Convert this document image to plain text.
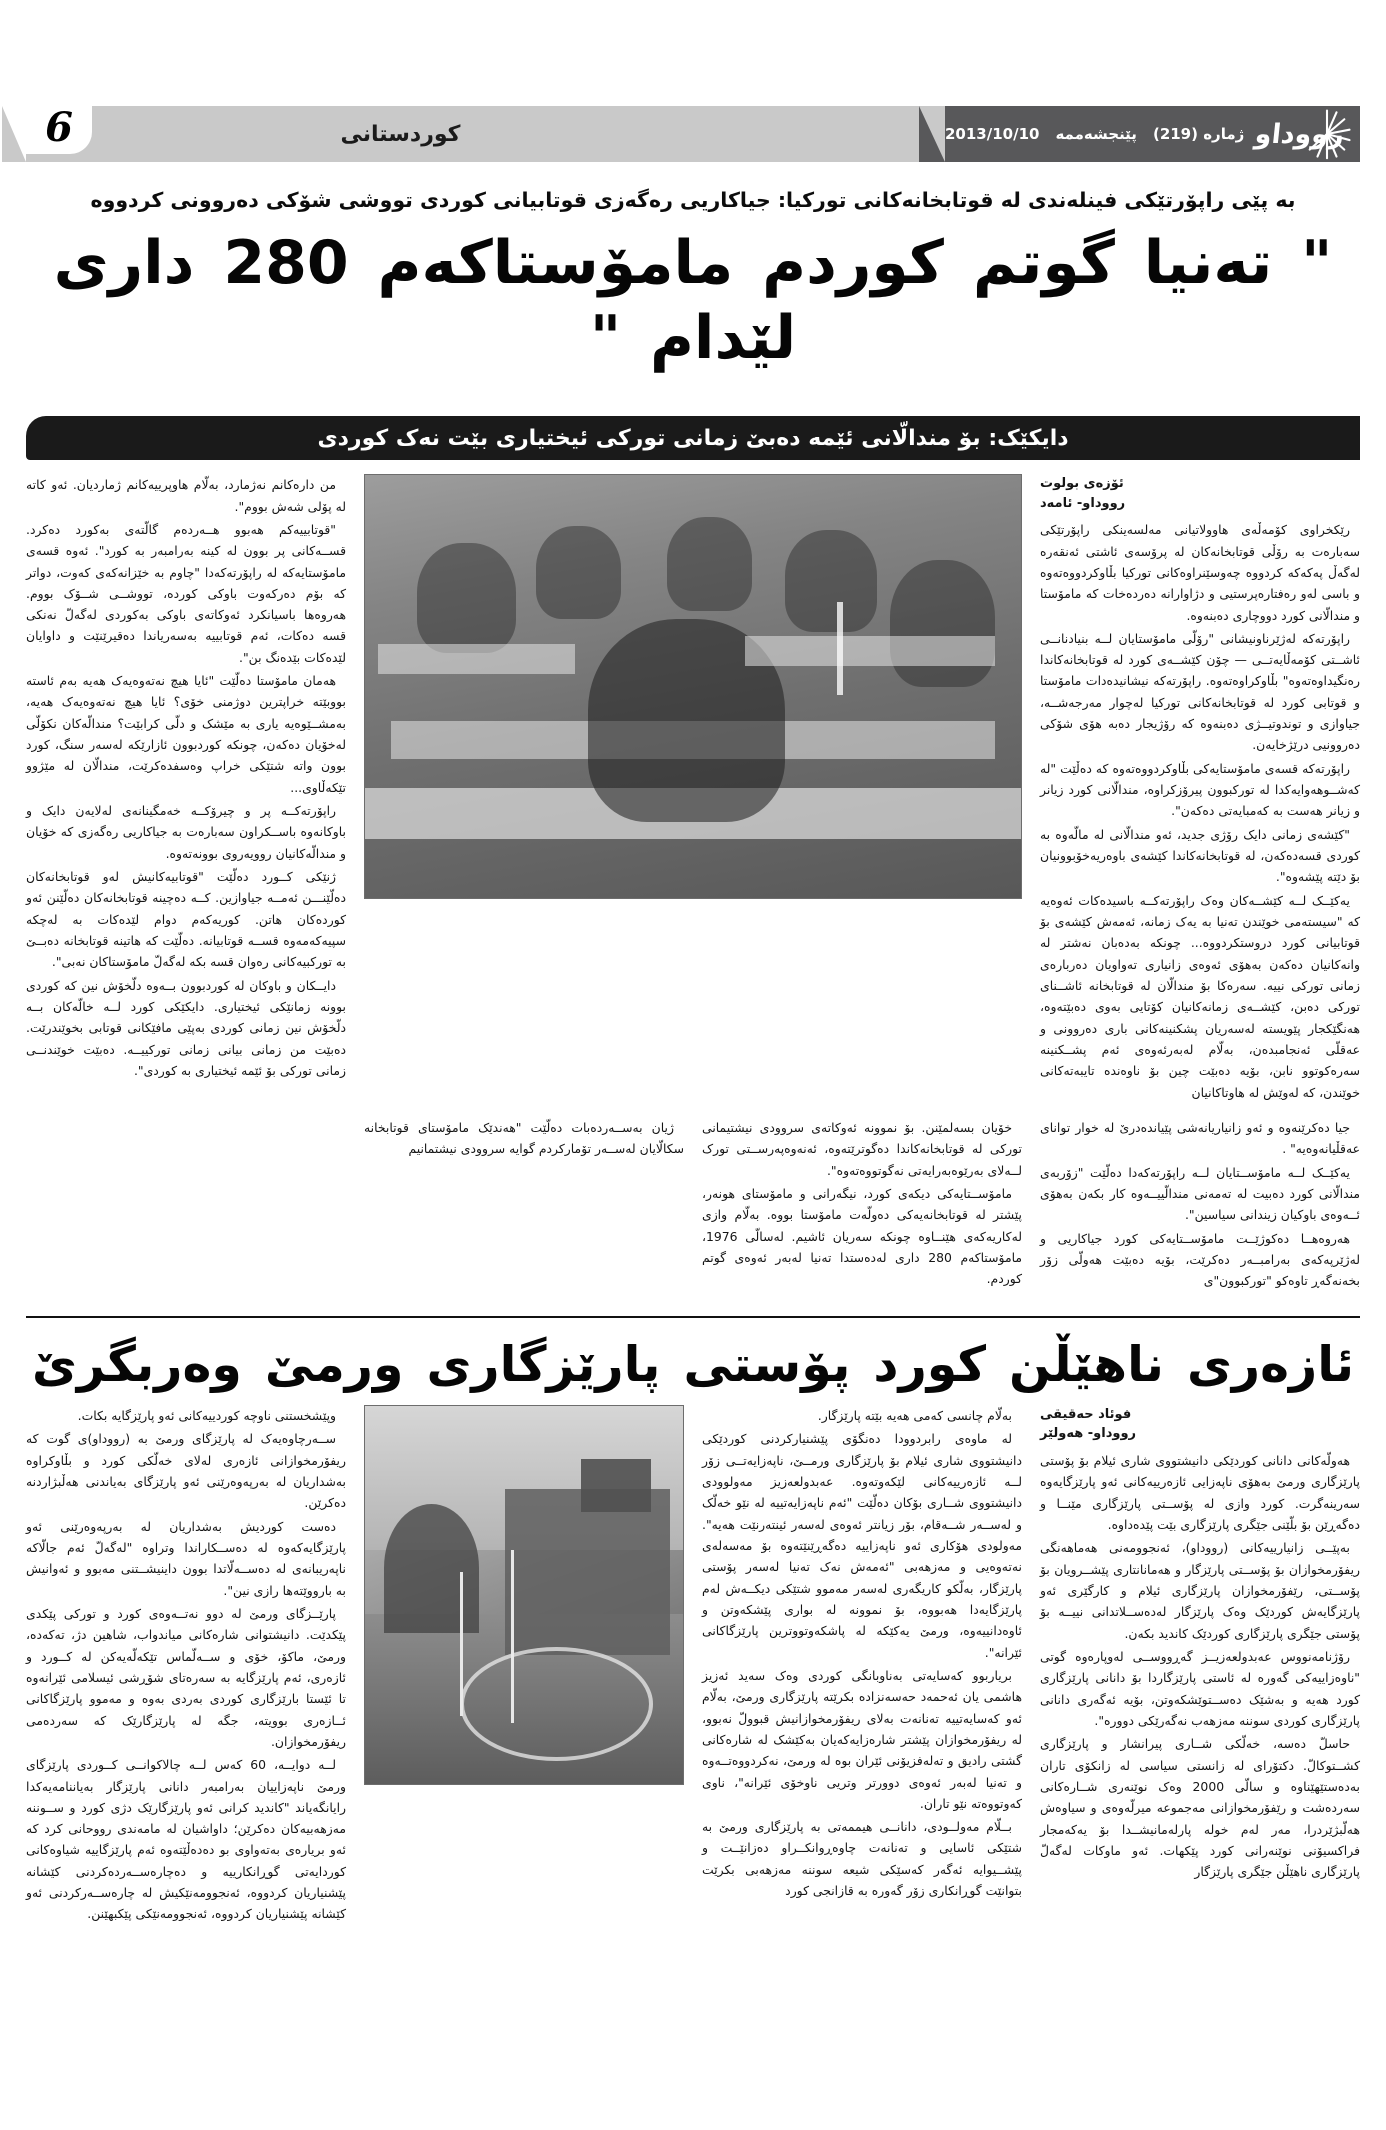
رووداو
ژمارە (219)
پێنجشەممە
2013/10/10
کوردستانی
6
بە پێی راپۆرتێکی فینلەندی لە قوتابخانەکانی تورکیا: جیاکاریی رەگەزی قوتابیانی کوردی تووشی شۆکی دەروونی کردووە
" تەنیا گوتم کوردم مامۆستاکەم 280 داری لێدام "
دایکێک: بۆ مندالّانی ئێمە دەبێ زمانی تورکی ئیختیاری بێت نەک کوردی
ئۆزەی بولوت
رووداو- ئامەد

رێکخراوی کۆمەڵەی هاوولاتیانی مەلسەینکی راپۆرتێکی سەبارەت بە رۆڵی قوتابخانەکان لە پرۆسەی ئاشتی ئەنقەرە لەگەڵ پەکەکە کردووە چەوسێنراوەکانی تورکیا بڵاوکردووەتەوە و باسی لەو رەفتارەپرستیی و دژاوارانە دەردەخات کە مامۆستا و مندالّانی کورد دووچاری دەبنەوە.

راپۆرتەکە لەژێرناونیشانی "رۆلّی مامۆستایان لــە بنیادنانــی ئاشــتی کۆمەڵایەتــی — چۆن کێشــەی کورد لە قوتابخانەکاندا رەنگیداوەتەوە" بڵاوکراوەتەوە. راپۆرتەکە نیشانیدەدات مامۆستا و قوتابی کورد لە قوتابخانەکانی تورکیا لەچوار مەرجەشــە، جیاوازی و توندوتیــژی دەبنەوە کە رۆژیجار دەبە هۆی شۆکی دەروونیی درێژخایەن.

راپۆرتەکە قسەی مامۆستایەکی بڵاوکردووەتەوە کە دەڵێت "لە کەشــوهەوایەکدا لە تورکبوون پیرۆزکراوە، مندالّانی کورد زیانر و زیانر هەست بە کەمبایەتی دەکەن".

"کێشەی زمانی دایک رۆژی جدید، ئەو مندالّانی لە مالّەوە بە کوردی قسەدەکەن، لە قوتابخانەکاندا کێشەی باوەریەخۆبوونیان بۆ دێتە پێشەوە".

یەکێــک لــە کێشــەکان وەک راپۆرتەکــە باسیدەکات ئەوەیە کە "سیستەمی خوێندن تەنیا بە یەک زمانە، ئەمەش کێشەی بۆ قوتابیانی کورد دروستکردووە... چونکە بەدەبان نەشتر لە وانەکانیان دەکەن بەهۆی ئەوەی زانیاری تەواویان دەربارەی زمانی تورکی نییە. سەرەکا بۆ مندالّان لە قوتابخانە ئاشــنای تورکی دەبن، کێشــەی زمانەکانیان کۆتایی بەوی دەبێتەوە، هەنگێکجار پێویستە لەسەریان پشکنینەکانی باری دەروونی و عەقلّی ئەنجامبدەن، بەلّام لەبەرئەوەی ئەم پشــکنینە سەرەکوتوو نابن، بۆیە دەبێت چین بۆ ناوەندە تایبەتەکانی خوێندن، کە لەوێش لە هاوتاکانیان

من دارەکانم نەژمارد، بەلّام هاوپرییەکانم ژماردیان. ئەو کاتە لە پۆلی شەش بووم".

"قوتابییەکم هەبوو هــەردەم گالّتەی بەکورد دەکرد. قســەکانی پر بوون لە کینە بەرامبەر بە کورد". ئەوە قسەی مامۆستایەکە لە راپۆرتەکەدا "چاوم بە خێزانەکەی کەوت، دواتر کە بۆم دەرکەوت باوکی کوردە، تووشــی شــۆک بووم. هەروەها باسیانکرد ئەوکاتەی باوکی بەکوردی لەگەلّ نەنکی قسە دەکات، ئەم قوتابییە بەسەریاندا دەقیرێنێت و داوایان لێدەکات بێدەنگ بن".

هەمان مامۆستا دەلّێت "ئایا هیچ نەتەوەیەک هەیە بەم ئاستە بووبێتە خراپترین دوژمنی خۆی؟ ئایا هیچ نەتەوەیەک هەیە، بەمشــێوەیە یاری بە مێشک و دلّی کرابێت؟ مندالّەکان نکۆلّی لەخۆیان دەکەن، چونکە کوردبوون ئازارێکە لەسەر سنگ، کورد بوون واتە شتێکی خراپ وەسفدەکرێت، مندالّان لە مێژوو تێکەڵاوی...

راپۆرتەکــە پر و چیرۆکــە خەمگینانەی لەلایەن دایک و باوکانەوە باســکراون سەبارەت بە جیاکاریی رەگەزی کە خۆیان و مندالّەکانیان روویەروی بوونەتەوە.

ژنێکی کــورد دەلّێت "قوتابیەکانیش لەو قوتابخانەکان دەلّێنـــن ئەمــە جیاوازین. کــە دەچینە قوتابخانەکان دەلّێنن ئەو کوردەکان هاتن. کوریەکەم دوام لێدەکات بە لەچکە سپیەکەمەوە قســە قوتابیانە. دەلّێت کە هاتینە قوتابخانە دەبــێ بە تورکبیەکانی رەوان قسە بکە لەگەلّ مامۆستاکان نەبی".

دایــکان و باوکان لە کوردبوون بــەوە دلّخۆش نین کە کوردی بوونە زمانێکی ئیختیاری. دایکێکی کورد لــە خالّەکان بــە دلّخۆش نین زمانی کوردی بەپێی مافێکانی قوتابی بخوێندرێت. دەبێت من زمانی بیانی زمانی تورکییــە. دەبێت خوێندنــی زمانی تورکی بۆ ئێمە ئیختیاری بە کوردی".

جیا دەکرێنەوە و ئەو زانیاریانەشی پێیاندەدرێ لە خوار توانای عەقڵیانەوەیە" .

یەکێــک لــە مامۆســتایان لــە راپۆرتەکەدا دەلّێت "زۆربەی مندالّانی کورد دەبیت لە تەمەنی مندالّییــەوە کار بکەن بەهۆی ئــەوەی باوکیان زیندانی سیاسین".

هەروەهــا دەکوژێــت مامۆســتایەکی کورد جیاکاریی و لەژێرپەکەی بەرامبــەر دەکرێت، بۆیە دەبێت هەولّی زۆر بخەنەگەڕ تاوەکو "تورکبوون"ی

خۆیان بسەلمێنن. بۆ نموونە ئەوکاتەی سروودی نیشتیمانی تورکی لە قوتابخانەکاندا دەگوترێتەوە، ئەنەوەپەرســتی تورک لــەلای بەرێوەبەرایەتی نەگوتووەتەوە".

مامۆســتایەکی دیکەی کورد، نیگەرانی و مامۆستای هونەر، پێشتر لە قوتابخانەیەکی دەولّەت مامۆستا بووە. بەلّام وازی لەکاریەکەی هێنــاوە چونکە سەریان ئاشیم. لەسالّی 1976، مامۆستاکەم 280 داری لەدەستدا تەنیا لەبەر ئەوەی گوتم کوردم.

ژیان بەســەردەبات دەلّێت "هەندێک مامۆستای قوتابخانە سکالّایان لەســەر تۆمارکردم گوایە سروودی نیشتمانیم

ئازەری ناهێڵن کورد پۆستی پارێزگاری ورمێ وەربگرێ
فوئاد حەقیقی
رووداو- هەولێر

هەولّەکانی دانانی کوردێکی دانیشتووی شاری ئیلام بۆ پۆستی پارێزگاری ورمێ بەهۆی ناپەزایی ئازەرییەکانی ئەو پارێزگایەوە سەرینەگرت. کورد وازی لە پۆســتی پارێزگاری مێنــا و دەگەڕێن بۆ بلّێنی جێگری پارێزگاری بێت پێدەداوە.

بەپێــی زانیارییەکانی (رووداو)، ئەنجوومەنی هەماهەنگی ریفۆرمخوازان بۆ پۆســتی پارێزگار و هەمانانتاری پێشــرویان بۆ پۆســتی، رێفۆرمخوازان پارێزگاری ئیلام و کارگێری ئەو پارێزگایەش کوردێک وەک پارێزگار لەدەســلاتدانی نییــە بۆ پۆستی جێگری پارێزگاری کوردێک کاندید بکەن.

رۆژنامەنووس عەبدولعەزیــز گەڕووســی لەوپارەوە گوتی "ناوەزاییەکی گەورە لە ئاستی پارێزگاردا بۆ دانانی پارێزگاری کورد هەیە و بەشێک دەســتوێشکەوتن، بۆیە ئەگەری دانانی پارێزگاری کوردی سوننە مەزهەب نەگەرێکی دوورە".

حاسلّ دەسە، خەلّکی شــاری پیرانشار و پارێزگاری کشــتوکالّ. دکتۆرای لە زانستی سیاسی لە زانکۆی تاران بەدەستێهێناوە و سالّی 2000 وەک نوێنەری شــارەکانی سەردەشت و رێفۆرمخوازانی مەجموعە میرلّەوەی و سیاوەش هەلّبژێردرا، مەر لەم خولە پارلەمانیشــدا بۆ یەکەمجار فراکسیۆنی نوێنەرانی کورد پێکهات. ئەو ماوکات لەگەلّ پارێزگاری ناهێڵن جێگری پارێزگار

بەلّام چانسی کەمی هەیە بێتە پارێزگار.

لە ماوەی رابردوودا دەنگۆی پێشنیارکردنی کوردێکی دانیشتووی شاری ئیلام بۆ پارێزگاری ورمــێ، ناپەزایەتــی زۆر لــە ئازەرییەکانی لێکەوتەوە. عەبدولعەزیز مەولوودی دانیشتووی شــاری بۆکان دەلّێت "ئەم ناپەزایەتییە لە نێو خەلّک و لەســەر شــەقام، بۆر زیانتر ئەوەی لەسەر ئینتەرنێت هەیە". مەولودی هۆکاری ئەو ناپەزاییە دەگەڕێنێتەوە بۆ مەسەلەی نەتەوەیی و مەزهەبی "ئەمەش نەک تەنیا لەسەر پۆستی پارێزگار، بەلّکو کاریگەری لەسەر مەموو شتێکی دیکــەش لەم پارێزگایەدا هەبووە، بۆ نموونە لە بواری پێشکەوتن و ئاوەدانییەوە، ورمێ یەکێکە لە پاشکەوتووترین پارێزگاکانی ئێرانە".

بریاربوو کەسایەتی بەناوبانگی کوردی وەک سەید ئەزیز هاشمی یان ئەحمەد حەسەنزادە بکرێتە پارێزگاری ورمێ، بەلّام ئەو کەسایەتییە تەنانەت بەلای ریفۆرمخوازانیش قبوولّ نەبوو، لە ریفۆرمخوازان پێشتر شارەزایەکەیان بەکێشک لە شارەکانی گشتی رادیق و تەلەفزیۆنی ئێران بوە لە ورمێ، نەکردووەتــەوە و تەنیا لەبەر ئەوەی دوورتر وتریی ناوخۆی ئێرانە"، ناوی کەوتووەتە نێو تاران.

بــلّام مەولــودی، دانانــی هیممەتی بە پارێزگاری ورمێ بە شتێکی ئاسایی و تەنانەت چاوەڕوانکــراو دەزانێــت و پێشــیوایە ئەگەر کەسێکی شیعە سوننە مەزهەبی بکرێت بتوانێت گوڕانکاری زۆر گەورە بە قازانجی کورد

وپێشخستنی ناوچە کوردییەکانی ئەو پارێزگایە بکات.

ســەرچاوەیەک لە پارێزگای ورمێ بە (رووداو)ی گوت کە ریفۆرمخوازانی ئازەری لەلای خەلّکی کورد و بڵاوکراوە بەشداریان لە بەرپەوەرێنی ئەو پارێزگای بەیاندنی هەڵبژاردنە دەکرێن.

دەست کوردیش بەشداریان لە بەرپەوەرێنی ئەو پارێزگایەکەوە لە دەســکاراندا وتراوە "لەگەلّ ئەم جالّاکە ناپەریبانەی لە دەســەلّاتدا بوون داینیشــتنی مەبوو و ئەوانیش بە بارووێتەها رازی نین".

پارێــزگای ورمێ لە دوو نەتــەوەی کورد و تورکی پێکدی پێکدێت. دانیشتوانی شارەکانی میاندواب، شاهین دژ، تەکەدە، ورمێ، ماکۆ، خۆی و ســەلّماس تێکەلّەیەکن لە کــورد و ئازەری، ئەم پارێزگایە بە سەرەتای شۆڕشی ئیسلامی ئێرانەوە تا ئێستا بارێزگاری کوردی بەردی بەوە و مەموو پارێزگاکانی ئــازەری بوویتە، جگە لە پارێزگارێک کە سەردەمی ریفۆرمخوازان.

لــە دوایــە، 60 کەس لــە چالاکوانــی کــوردی پارێزگای ورمێ ناپەزاییان بەرامبەر دانانی پارێزگار بەیاننامەیەکدا رایانگەیاند "کاندید کرانی ئەو پارێزگارێک دژی کورد و ســوننە مەزهەبیەکان دەکرێن؛ داواشیان لە مامەندی رووحانی کرد کە ئەو بریارەی بەتەواوی بو دەدەڵێتەوە ئەم پارێزگاییە شیاوەکانی کوردایەتی گوڕانکارییە و دەچارەســەردەکردنی کێشانە پێشنیاریان کردووە، ئەنجوومەنێکیش لە چارەســەرکردنی ئەو کێشانە پێشنیاریان کردووە، ئەنجوومەنێکی پێکبهێنن.
